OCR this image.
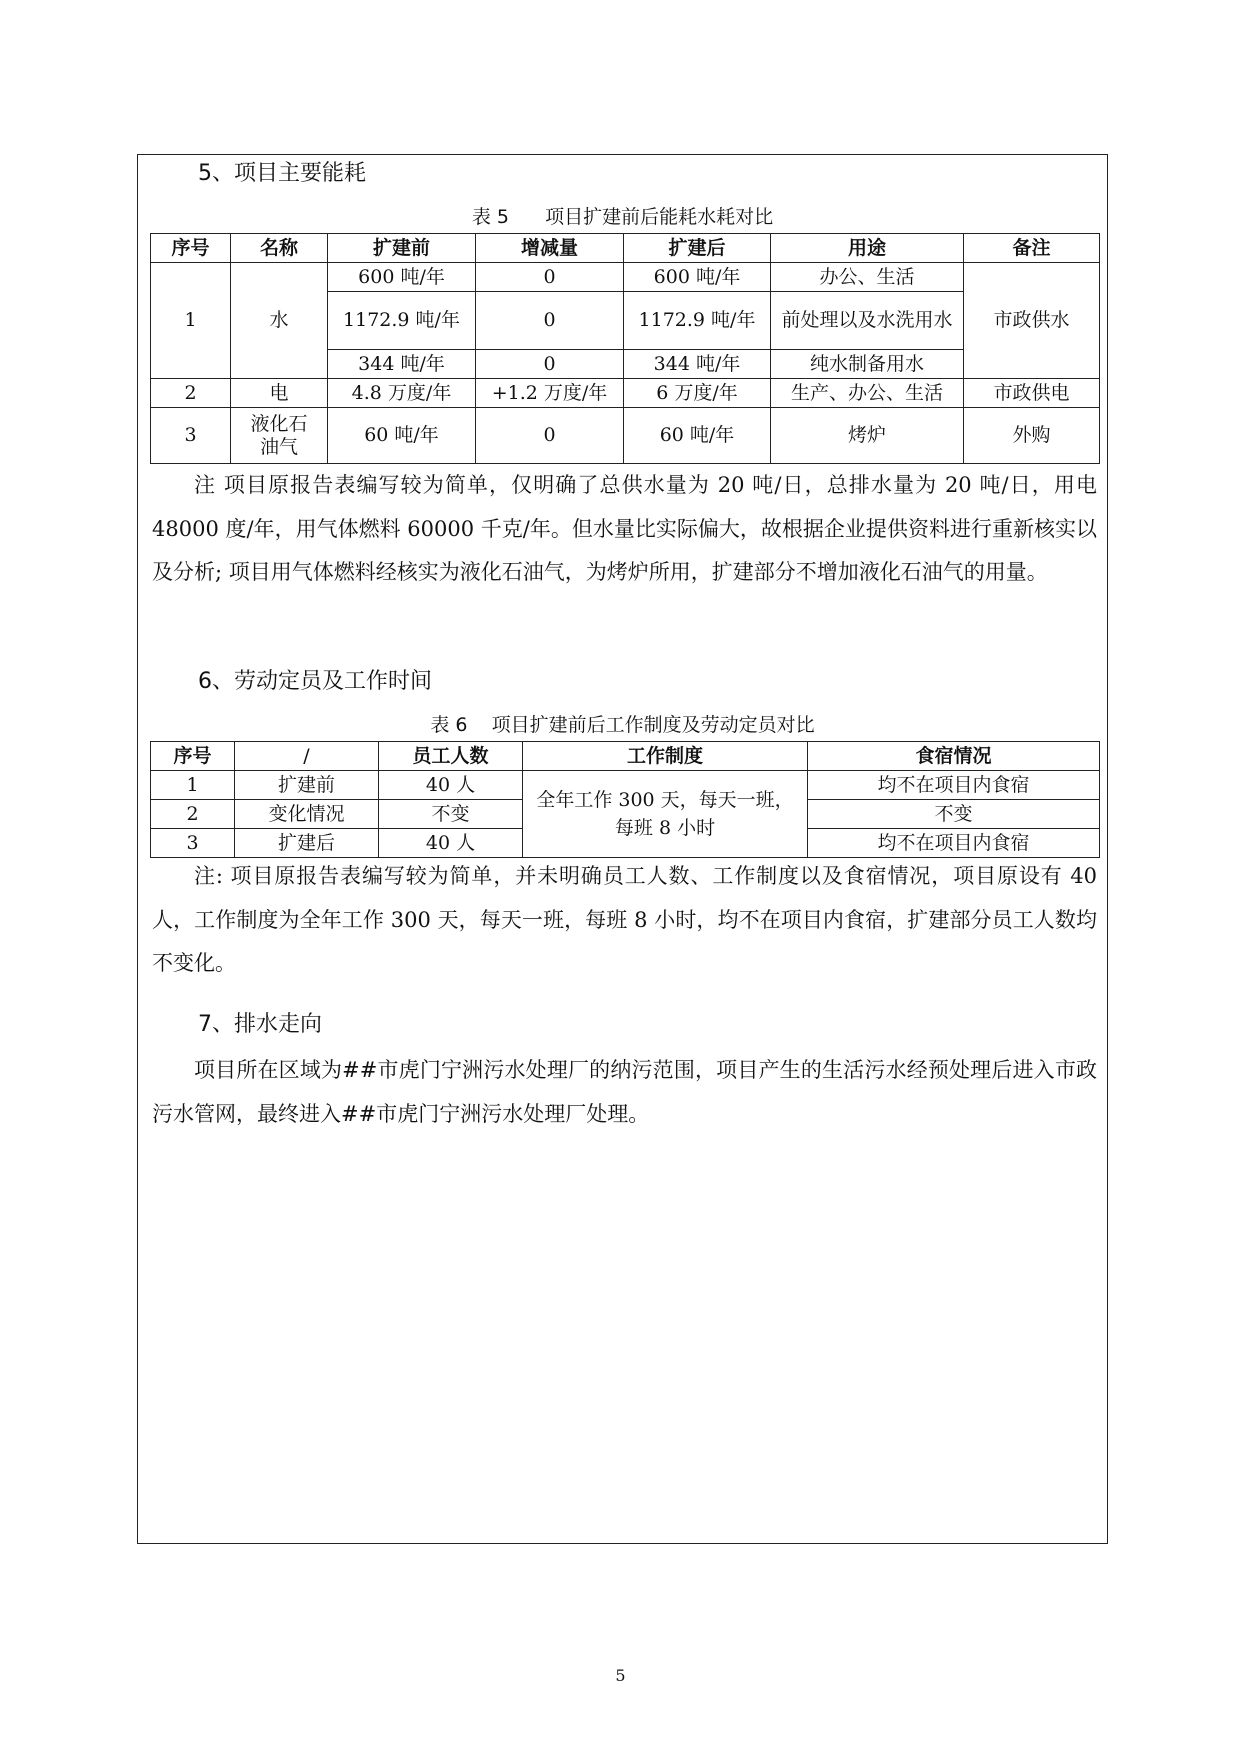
5、项目主要能耗
表 5      项目扩建前后能耗水耗对比
序号	名称	扩建前	增减量	扩建后	用途	备注
1	水	600 吨/年	0	600 吨/年	办公、生活	市政供水
		1172.9 吨/年	0	1172.9 吨/年	前处理以及水洗用水	
		344 吨/年	0	344 吨/年	纯水制备用水	
2	电	4.8 万度/年	+1.2 万度/年	6 万度/年	生产、办公、生活	市政供电
3	液化石油气	60 吨/年	0	60 吨/年	烤炉	外购
注 项目原报告表编写较为简单，仅明确了总供水量为 20 吨/日，总排水量为 20 吨/日，用电 48000 度/年，用气体燃料 60000 千克/年。但水量比实际偏大，故根据企业提供资料进行重新核实以及分析; 项目用气体燃料经核实为液化石油气，为烤炉所用，扩建部分不增加液化石油气的用量。
6、劳动定员及工作时间
表 6    项目扩建前后工作制度及劳动定员对比
序号	/	员工人数	工作制度	食宿情况
1	扩建前	40 人	全年工作 300 天，每天一班，每班 8 小时	均不在项目内食宿
2	变化情况	不变		不变
3	扩建后	40 人		均不在项目内食宿
注: 项目原报告表编写较为简单，并未明确员工人数、工作制度以及食宿情况，项目原设有 40 人，工作制度为全年工作 300 天，每天一班，每班 8 小时，均不在项目内食宿，扩建部分员工人数均不变化。
7、排水走向
项目所在区域为##市虎门宁洲污水处理厂的纳污范围，项目产生的生活污水经预处理后进入市政污水管网，最终进入##市虎门宁洲污水处理厂处理。
5
